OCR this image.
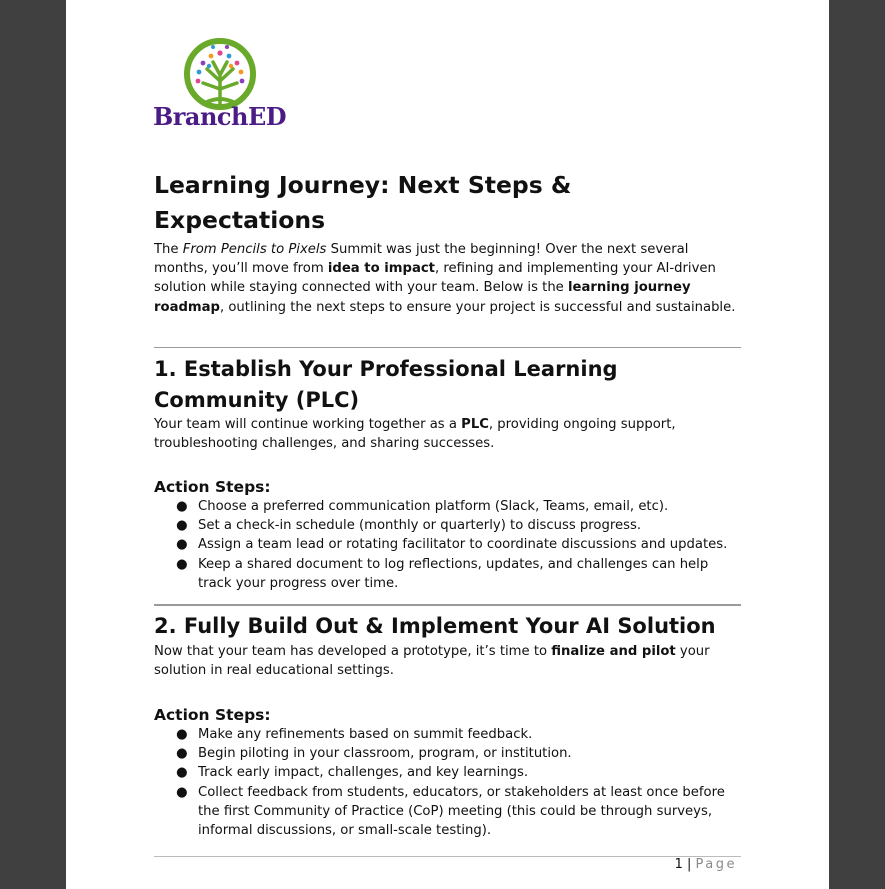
BranchED
Learning Journey: Next Steps & Expectations

The From Pencils to Pixels Summit was just the beginning! Over the next several months, you’ll move from idea to impact, refining and implementing your AI-driven solution while staying connected with your team. Below is the learning journey roadmap, outlining the next steps to ensure your project is successful and sustainable.

1. Establish Your Professional Learning Community (PLC)

Your team will continue working together as a PLC, providing ongoing support, troubleshooting challenges, and sharing successes.

Action Steps:
● Choose a preferred communication platform (Slack, Teams, email, etc).
● Set a check-in schedule (monthly or quarterly) to discuss progress.
● Assign a team lead or rotating facilitator to coordinate discussions and updates.
● Keep a shared document to log reflections, updates, and challenges can help track your progress over time.
2. Fully Build Out & Implement Your AI Solution

Now that your team has developed a prototype, it’s time to finalize and pilot your solution in real educational settings.

Action Steps:
● Make any refinements based on summit feedback.
● Begin piloting in your classroom, program, or institution.
● Track early impact, challenges, and key learnings.
● Collect feedback from students, educators, or stakeholders at least once before the first Community of Practice (CoP) meeting (this could be through surveys, informal discussions, or small-scale testing).
1 | Page
